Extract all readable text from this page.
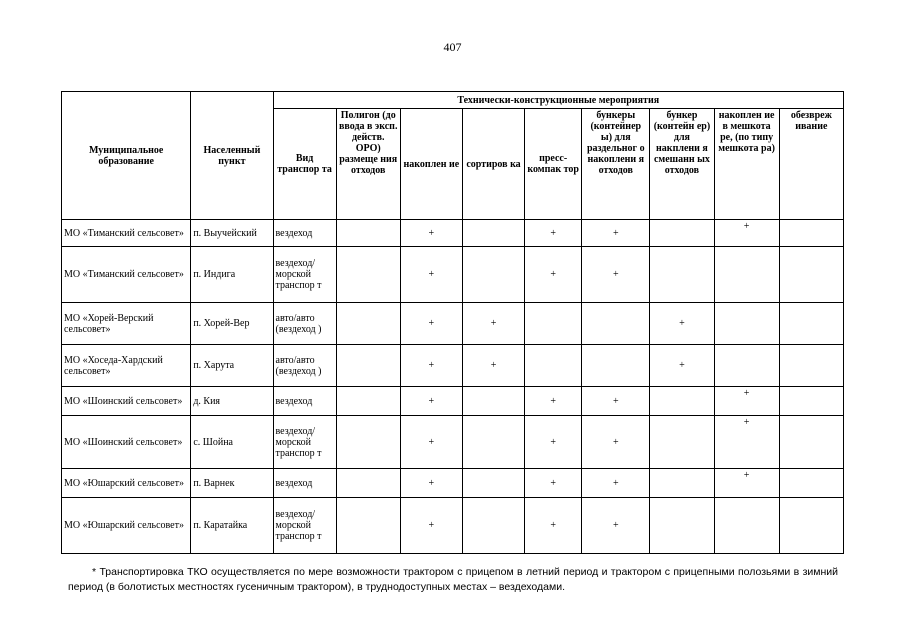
407
Муниципальное образование	Населенный пункт	Технически-конструкционные мероприятия								
		Вид транспор та	Полигон (до ввода в эксп. действ. ОРО) размеще ния отходов	накоплен ие	сортиров ка	пресс-компак тор	бункеры (контейнер ы) для раздельног о накоплени я отходов	бункер (контейн ер) для накплени я смешанн ых отходов	накоплен ие в мешкота ре, (по типу мешкота ра)	обезвреж ивание
МО «Тиманский сельсовет»	п. Выучейский	вездеход		+		+	+		+	
МО «Тиманский сельсовет»	п. Индига	вездеход/ морской транспор т		+		+	+			
МО «Хорей-Верский сельсовет»	п. Хорей-Вер	авто/авто (вездеход )		+	+			+		
МО «Хоседа-Хардский сельсовет»	п. Харута	авто/авто (вездеход )		+	+			+		
МО «Шоинский сельсовет»	д. Кия	вездеход		+		+	+		+	
МО «Шоинский сельсовет»	с. Шойна	вездеход/ морской транспор т		+		+	+		+	
МО «Юшарский сельсовет»	п. Варнек	вездеход		+		+	+		+	
МО «Юшарский сельсовет»	п. Каратайка	вездеход/ морской транспор т		+		+	+			
* Транспортировка ТКО осуществляется по мере возможности трактором с прицепом в летний период и трактором с прицепными полозьями в зимний период (в болотистых местностях гусеничным трактором), в труднодоступных местах – вездеходами.
